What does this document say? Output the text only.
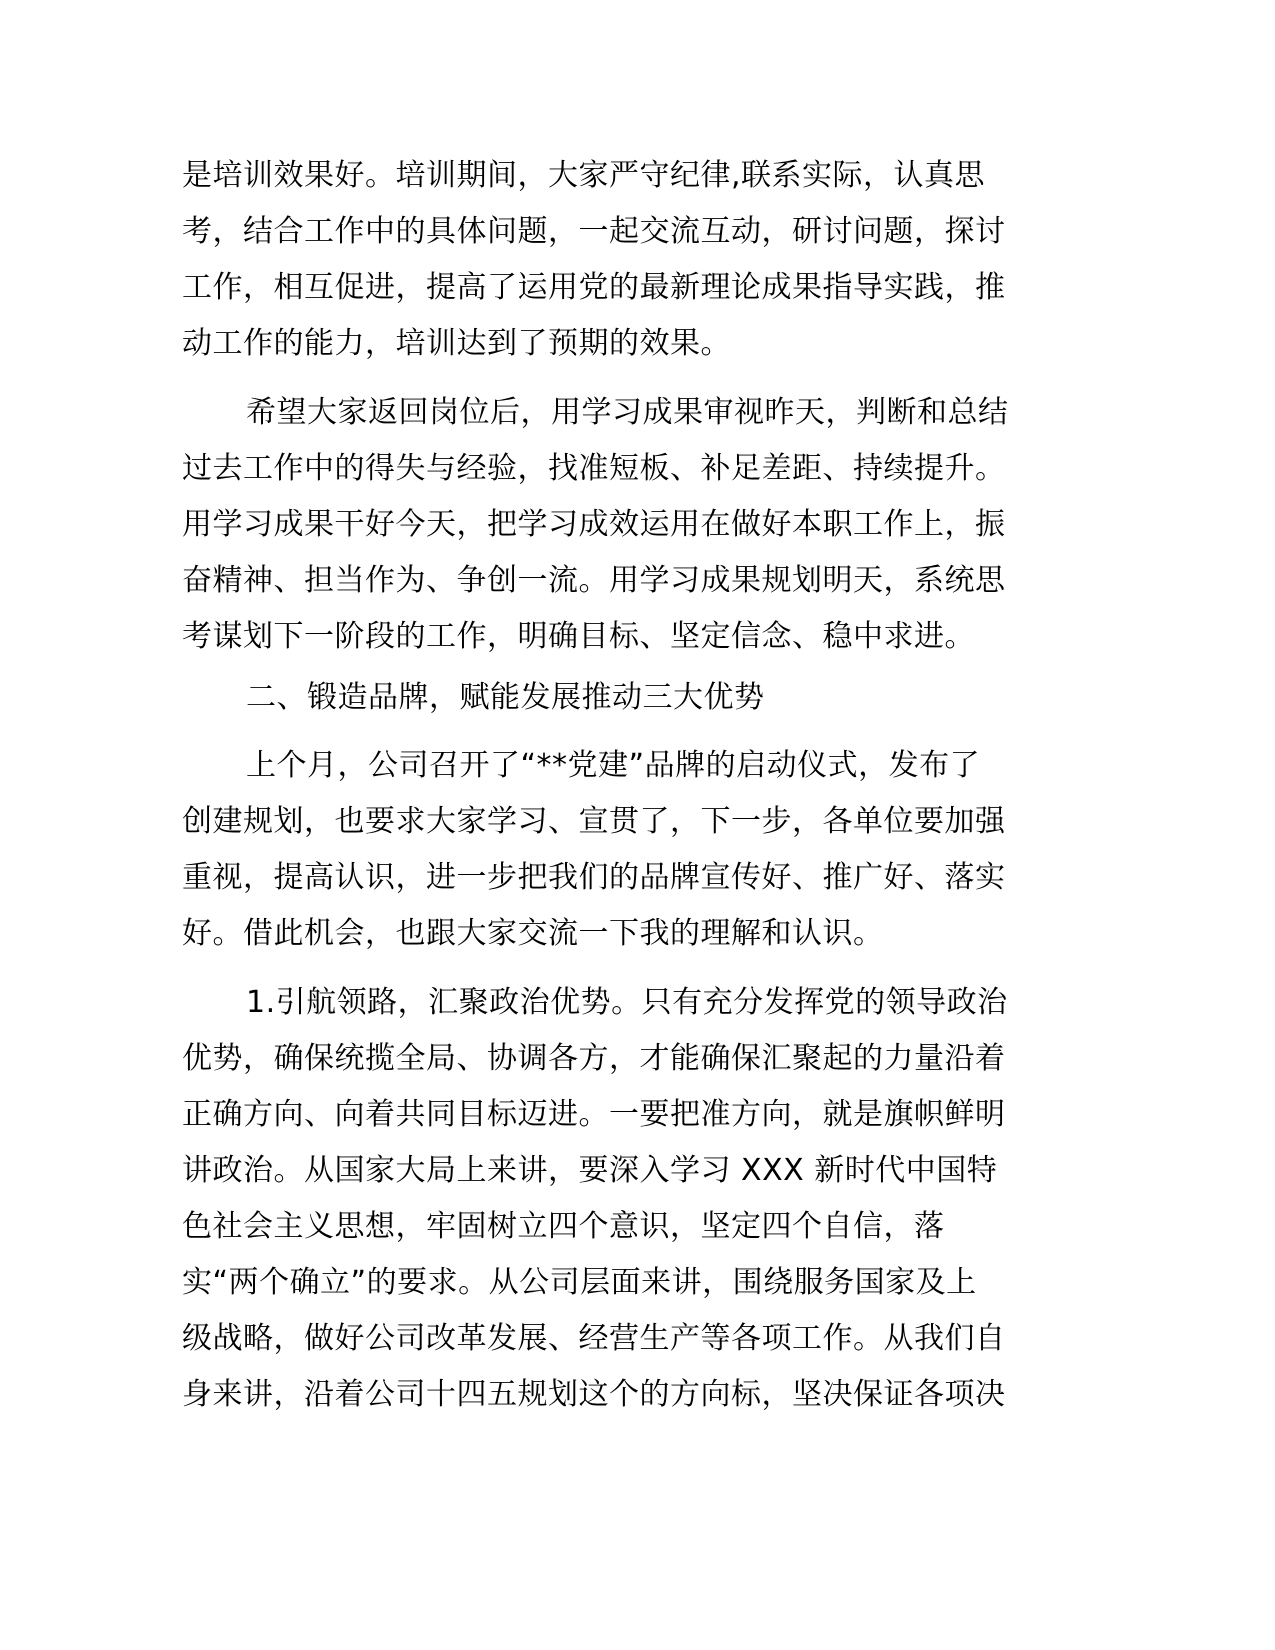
是培训效果好。培训期间，大家严守纪律,联系实际，认真思
考，结合工作中的具体问题，一起交流互动，研讨问题，探讨
工作，相互促进，提高了运用党的最新理论成果指导实践，推
动工作的能力，培训达到了预期的效果。
希望大家返回岗位后，用学习成果审视昨天，判断和总结
过去工作中的得失与经验，找准短板、补足差距、持续提升。
用学习成果干好今天，把学习成效运用在做好本职工作上，振
奋精神、担当作为、争创一流。用学习成果规划明天，系统思
考谋划下一阶段的工作，明确目标、坚定信念、稳中求进。
二、锻造品牌，赋能发展推动三大优势
上个月，公司召开了“**党建”品牌的启动仪式，发布了
创建规划，也要求大家学习、宣贯了，下一步，各单位要加强
重视，提高认识，进一步把我们的品牌宣传好、推广好、落实
好。借此机会，也跟大家交流一下我的理解和认识。
1.引航领路，汇聚政治优势。只有充分发挥党的领导政治
优势，确保统揽全局、协调各方，才能确保汇聚起的力量沿着
正确方向、向着共同目标迈进。一要把准方向，就是旗帜鲜明
讲政治。从国家大局上来讲，要深入学习 XXX 新时代中国特
色社会主义思想，牢固树立四个意识，坚定四个自信，落
实“两个确立”的要求。从公司层面来讲，围绕服务国家及上
级战略，做好公司改革发展、经营生产等各项工作。从我们自
身来讲，沿着公司十四五规划这个的方向标，坚决保证各项决
